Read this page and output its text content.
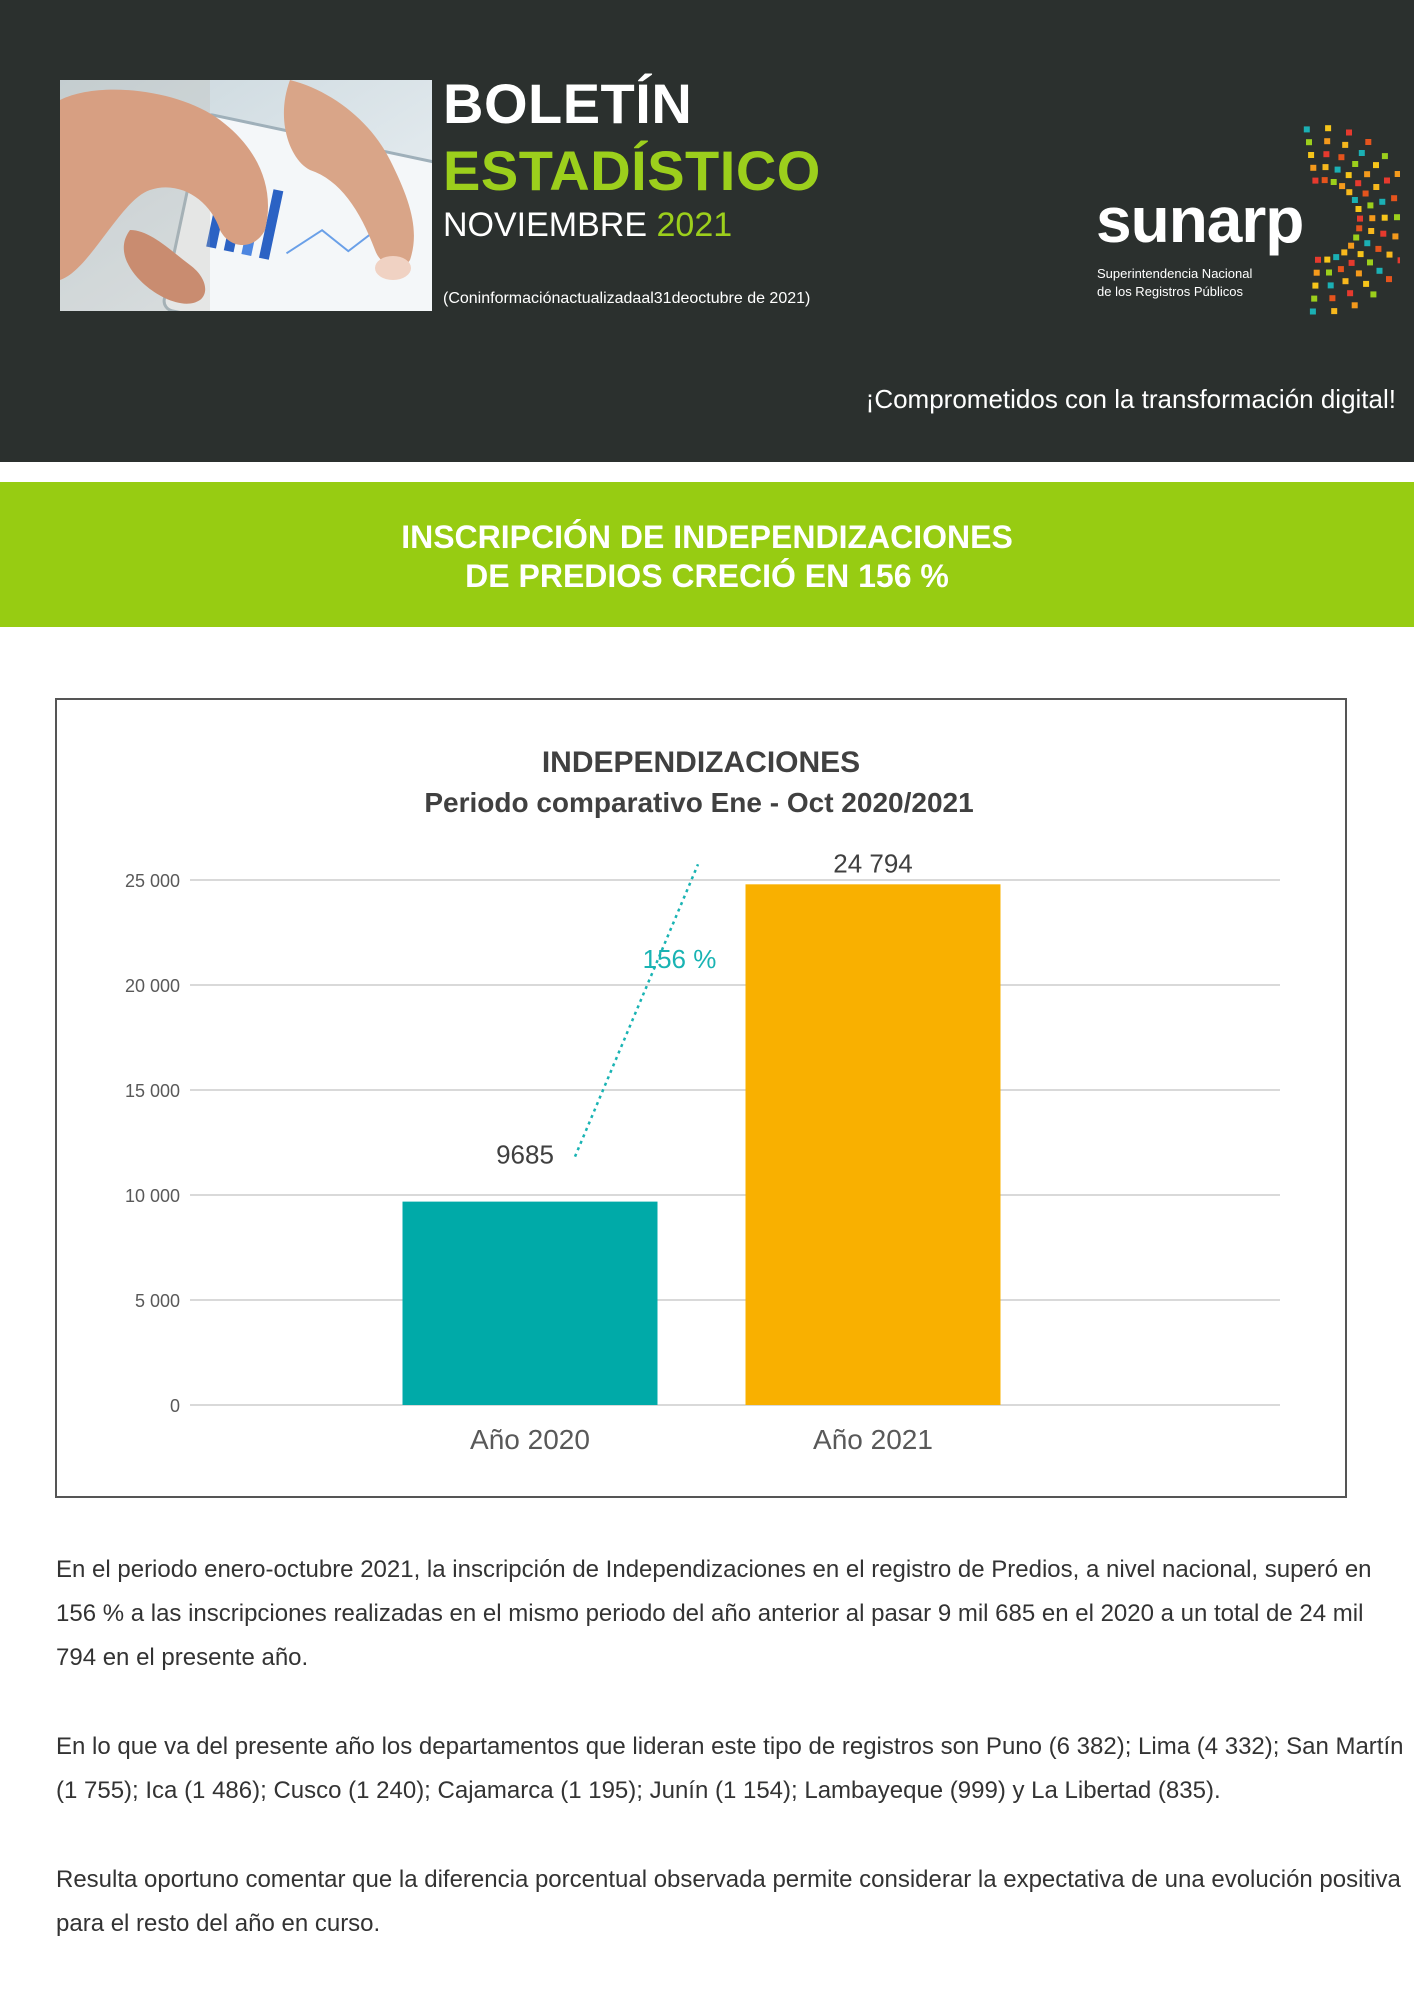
BOLETÍN
ESTADÍSTICO
NOVIEMBRE 2021
(Coninformaciónactualizadaal31deoctubre de 2021)
sunarp
Superintendencia Nacional
de los Registros Públicos
¡Comprometidos con la transformación digital!
INSCRIPCIÓN DE INDEPENDIZACIONES
DE PREDIOS CRECIÓ EN 156 %
INDEPENDIZACIONES
Periodo comparativo Ene - Oct 2020/2021
0
5 000
10 000
15 000
20 000
25 000
Año 2020	Año 2021
9685
24 794
156 %
En el periodo enero-octubre 2021, la inscripción de Independizaciones en el registro de Predios, a nivel nacional, superó en 156 % a las inscripciones realizadas en el mismo periodo del año anterior al pasar 9 mil 685 en el 2020 a un total de 24 mil 794 en el presente año.
En lo que va del presente año los departamentos que lideran este tipo de registros son Puno (6 382); Lima (4 332); San Martín (1 755); Ica (1 486); Cusco (1 240); Cajamarca (1 195); Junín (1 154); Lambayeque (999) y La Libertad (835).
Resulta oportuno comentar que la diferencia porcentual observada permite considerar la expectativa de una evolución positiva para el resto del año en curso.
